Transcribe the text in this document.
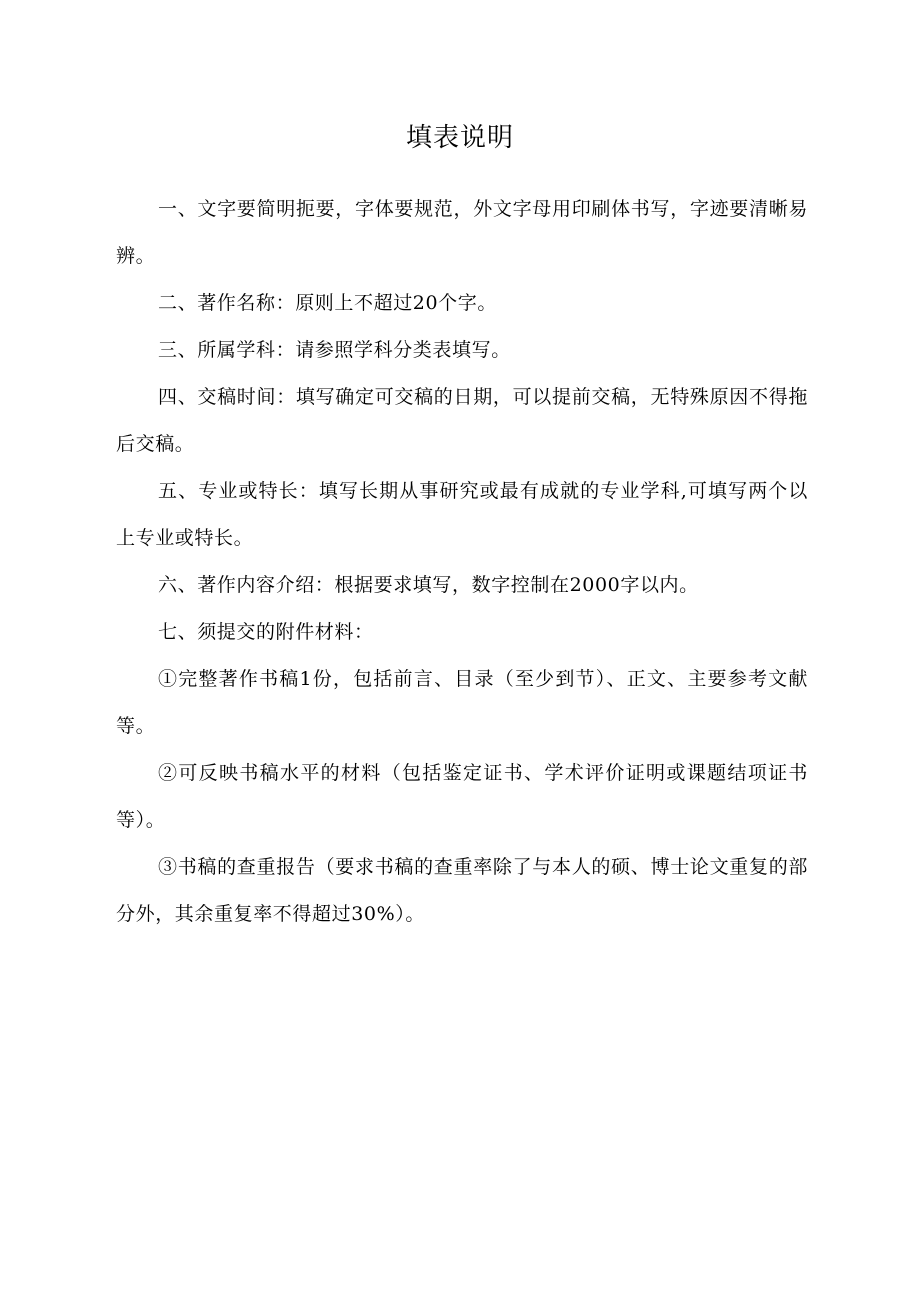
填表说明

一、文字要简明扼要，字体要规范，外文字母用印刷体书写，字迹要清晰易辨。

二、著作名称：原则上不超过20个字。

三、所属学科：请参照学科分类表填写。

四、交稿时间：填写确定可交稿的日期，可以提前交稿，无特殊原因不得拖后交稿。

五、专业或特长：填写长期从事研究或最有成就的专业学科,可填写两个以上专业或特长。

六、著作内容介绍：根据要求填写，数字控制在2000字以内。

七、须提交的附件材料：

①完整著作书稿1份，包括前言、目录（至少到节）、正文、主要参考文献等。

②可反映书稿水平的材料（包括鉴定证书、学术评价证明或课题结项证书等）。

③书稿的查重报告（要求书稿的查重率除了与本人的硕、博士论文重复的部分外，其余重复率不得超过30%）。
